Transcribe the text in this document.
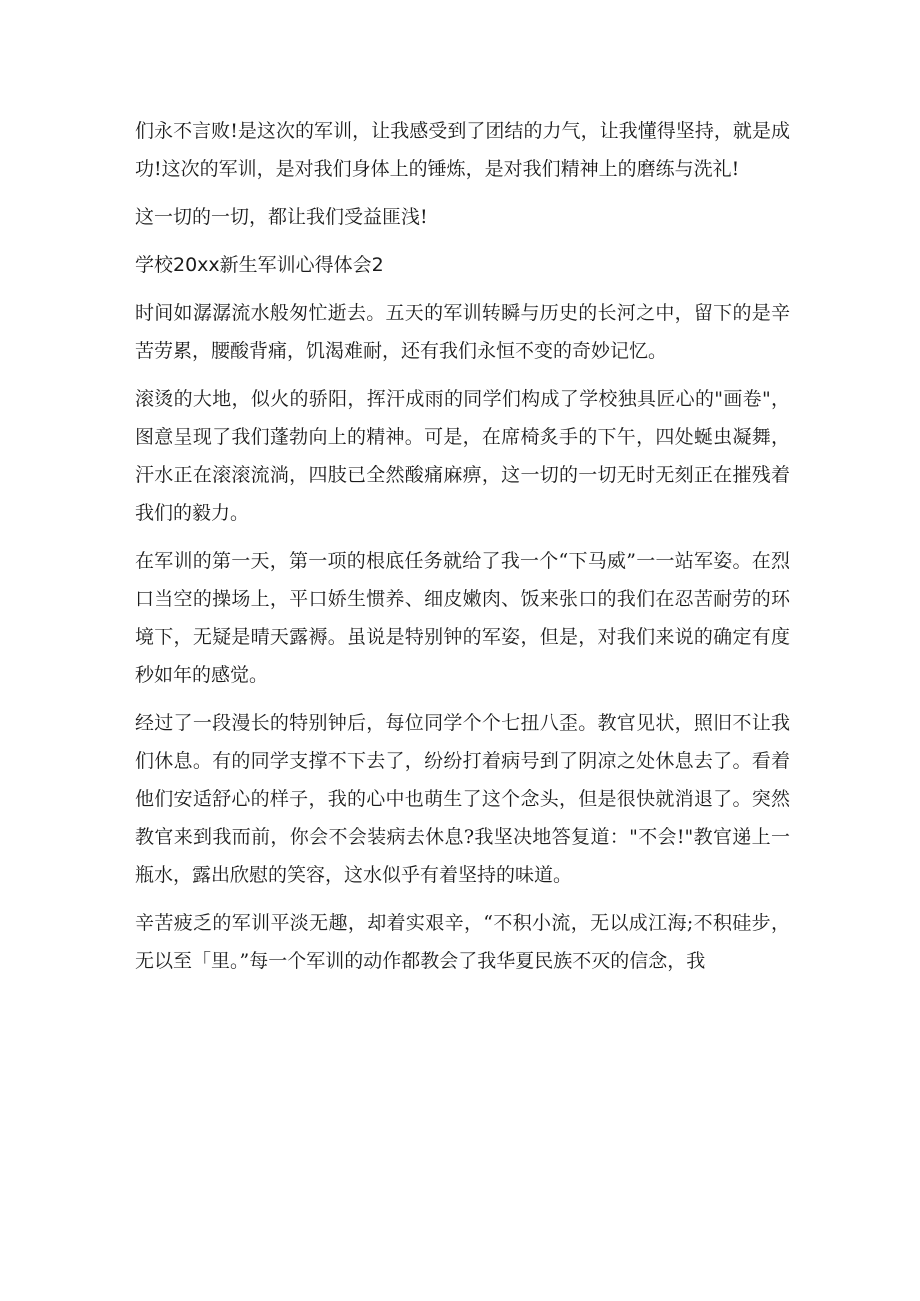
们永不言败!是这次的军训，让我感受到了团结的力气，让我懂得坚持，就是成功!这次的军训，是对我们身体上的锤炼，是对我们精神上的磨练与洗礼!

这一切的一切，都让我们受益匪浅!

学校20xx新生军训心得体会2

时间如潺潺流水般匆忙逝去。五天的军训转瞬与历史的长河之中，留下的是辛苦劳累，腰酸背痛，饥渴难耐，还有我们永恒不变的奇妙记忆。

滚烫的大地，似火的骄阳，挥汗成雨的同学们构成了学校独具匠心的"画卷"，图意呈现了我们蓬勃向上的精神。可是，在席椅炙手的下午，四处蜒虫凝舞，汗水正在滚滚流淌，四肢已全然酸痛麻痹，这一切的一切无时无刻正在摧残着我们的毅力。

在军训的第一天，第一项的根底任务就给了我一个“下马威”一一站军姿。在烈口当空的操场上，平口娇生惯养、细皮嫩肉、饭来张口的我们在忍苦耐劳的环境下，无疑是晴天露褥。虽说是特别钟的军姿，但是，对我们来说的确定有度秒如年的感觉。

经过了一段漫长的特别钟后，每位同学个个七扭八歪。教官见状，照旧不让我们休息。有的同学支撑不下去了，纷纷打着病号到了阴凉之处休息去了。看着他们安适舒心的样子，我的心中也萌生了这个念头，但是很快就消退了。突然教官来到我而前，你会不会装病去休息?我坚决地答复道："不会!"教官递上一瓶水，露出欣慰的笑容，这水似乎有着坚持的味道。

辛苦疲乏的军训平淡无趣，却着实艰辛，“不积小流，无以成江海;不积硅步，无以至「里。”每一个军训的动作都教会了我华夏民族不灭的信念，我
